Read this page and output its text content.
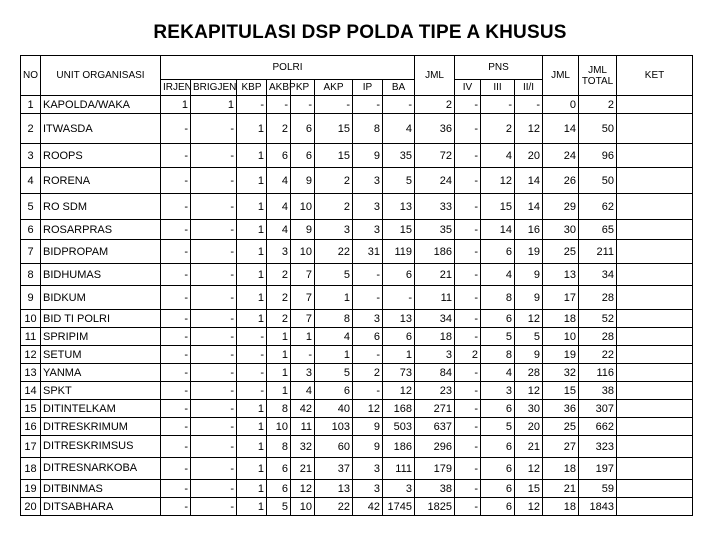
REKAPITULASI DSP POLDA TIPE A KHUSUS
NO	UNIT ORGANISASI	POLRI								JML	PNS			JML	JML TOTAL	KET
		IRJEN	BRIGJEN	KBP	AKBP	KP	AKP	IP	BA		IV	III	II/I			
1	KAPOLDA/WAKA	1	1	-	-	-	-	-	-	2	-	-	-	0	2	
2	ITWASDA	-	-	1	2	6	15	8	4	36	-	2	12	14	50	
3	ROOPS	-	-	1	6	6	15	9	35	72	-	4	20	24	96	
4	RORENA	-	-	1	4	9	2	3	5	24	-	12	14	26	50	
5	RO SDM	-	-	1	4	10	2	3	13	33	-	15	14	29	62	
6	ROSARPRAS	-	-	1	4	9	3	3	15	35	-	14	16	30	65	
7	BIDPROPAM	-	-	1	3	10	22	31	119	186	-	6	19	25	211	
8	BIDHUMAS	-	-	1	2	7	5	-	6	21	-	4	9	13	34	
9	BIDKUM	-	-	1	2	7	1	-	-	11	-	8	9	17	28	
10	BID TI POLRI	-	-	1	2	7	8	3	13	34	-	6	12	18	52	
11	SPRIPIM	-	-	-	1	1	4	6	6	18	-	5	5	10	28	
12	SETUM	-	-	-	1	-	1	-	1	3	2	8	9	19	22	
13	YANMA	-	-	-	1	3	5	2	73	84	-	4	28	32	116	
14	SPKT	-	-	-	1	4	6	-	12	23	-	3	12	15	38	
15	DITINTELKAM	-	-	1	8	42	40	12	168	271	-	6	30	36	307	
16	DITRESKRIMUM	-	-	1	10	11	103	9	503	637	-	5	20	25	662	
17	DITRESKRIMSUS	-	-	1	8	32	60	9	186	296	-	6	21	27	323	
18	DITRESNARKOBA	-	-	1	6	21	37	3	111	179	-	6	12	18	197	
19	DITBINMAS	-	-	1	6	12	13	3	3	38	-	6	15	21	59	
20	DITSABHARA	-	-	1	5	10	22	42	1745	1825	-	6	12	18	1843	
